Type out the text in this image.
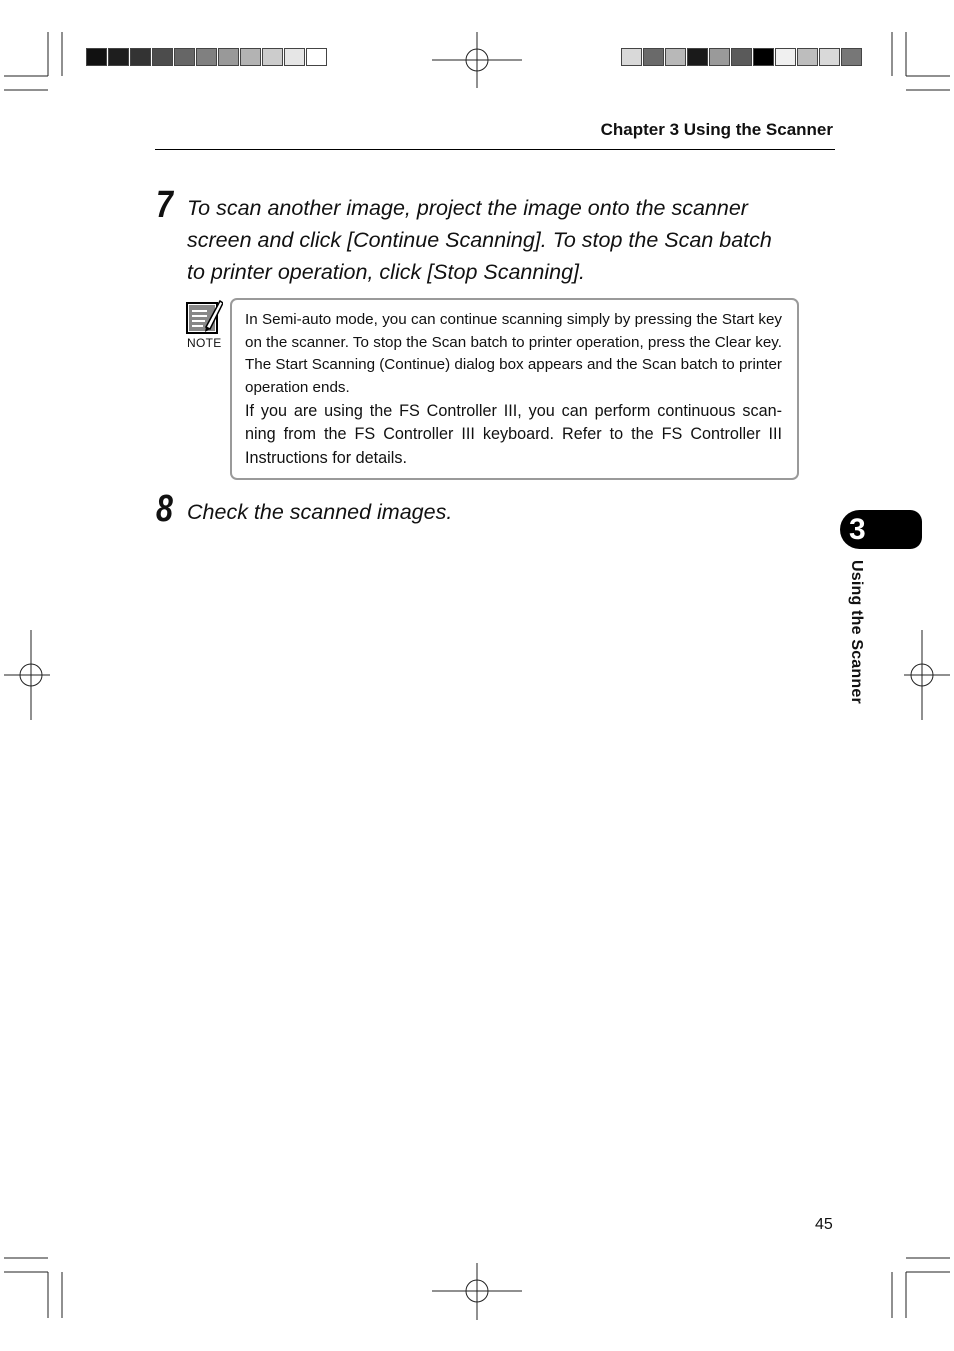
Chapter 3 Using the Scanner
7 To scan another image, project the image onto the scanner
screen and click [Continue Scanning]. To stop the Scan batch
to printer operation, click [Stop Scanning].
NOTE

In Semi-auto mode, you can continue scanning simply by pressing the Start key on the scanner. To stop the Scan batch to printer operation, press the Clear key. The Start Scanning (Continue) dialog box appears and the Scan batch to printer operation ends.

If you are using the FS Controller III, you can perform continuous scan-ning from the FS Controller III keyboard. Refer to the FS Controller III Instructions for details.

8 Check the scanned images.
3
Using the Scanner
45
